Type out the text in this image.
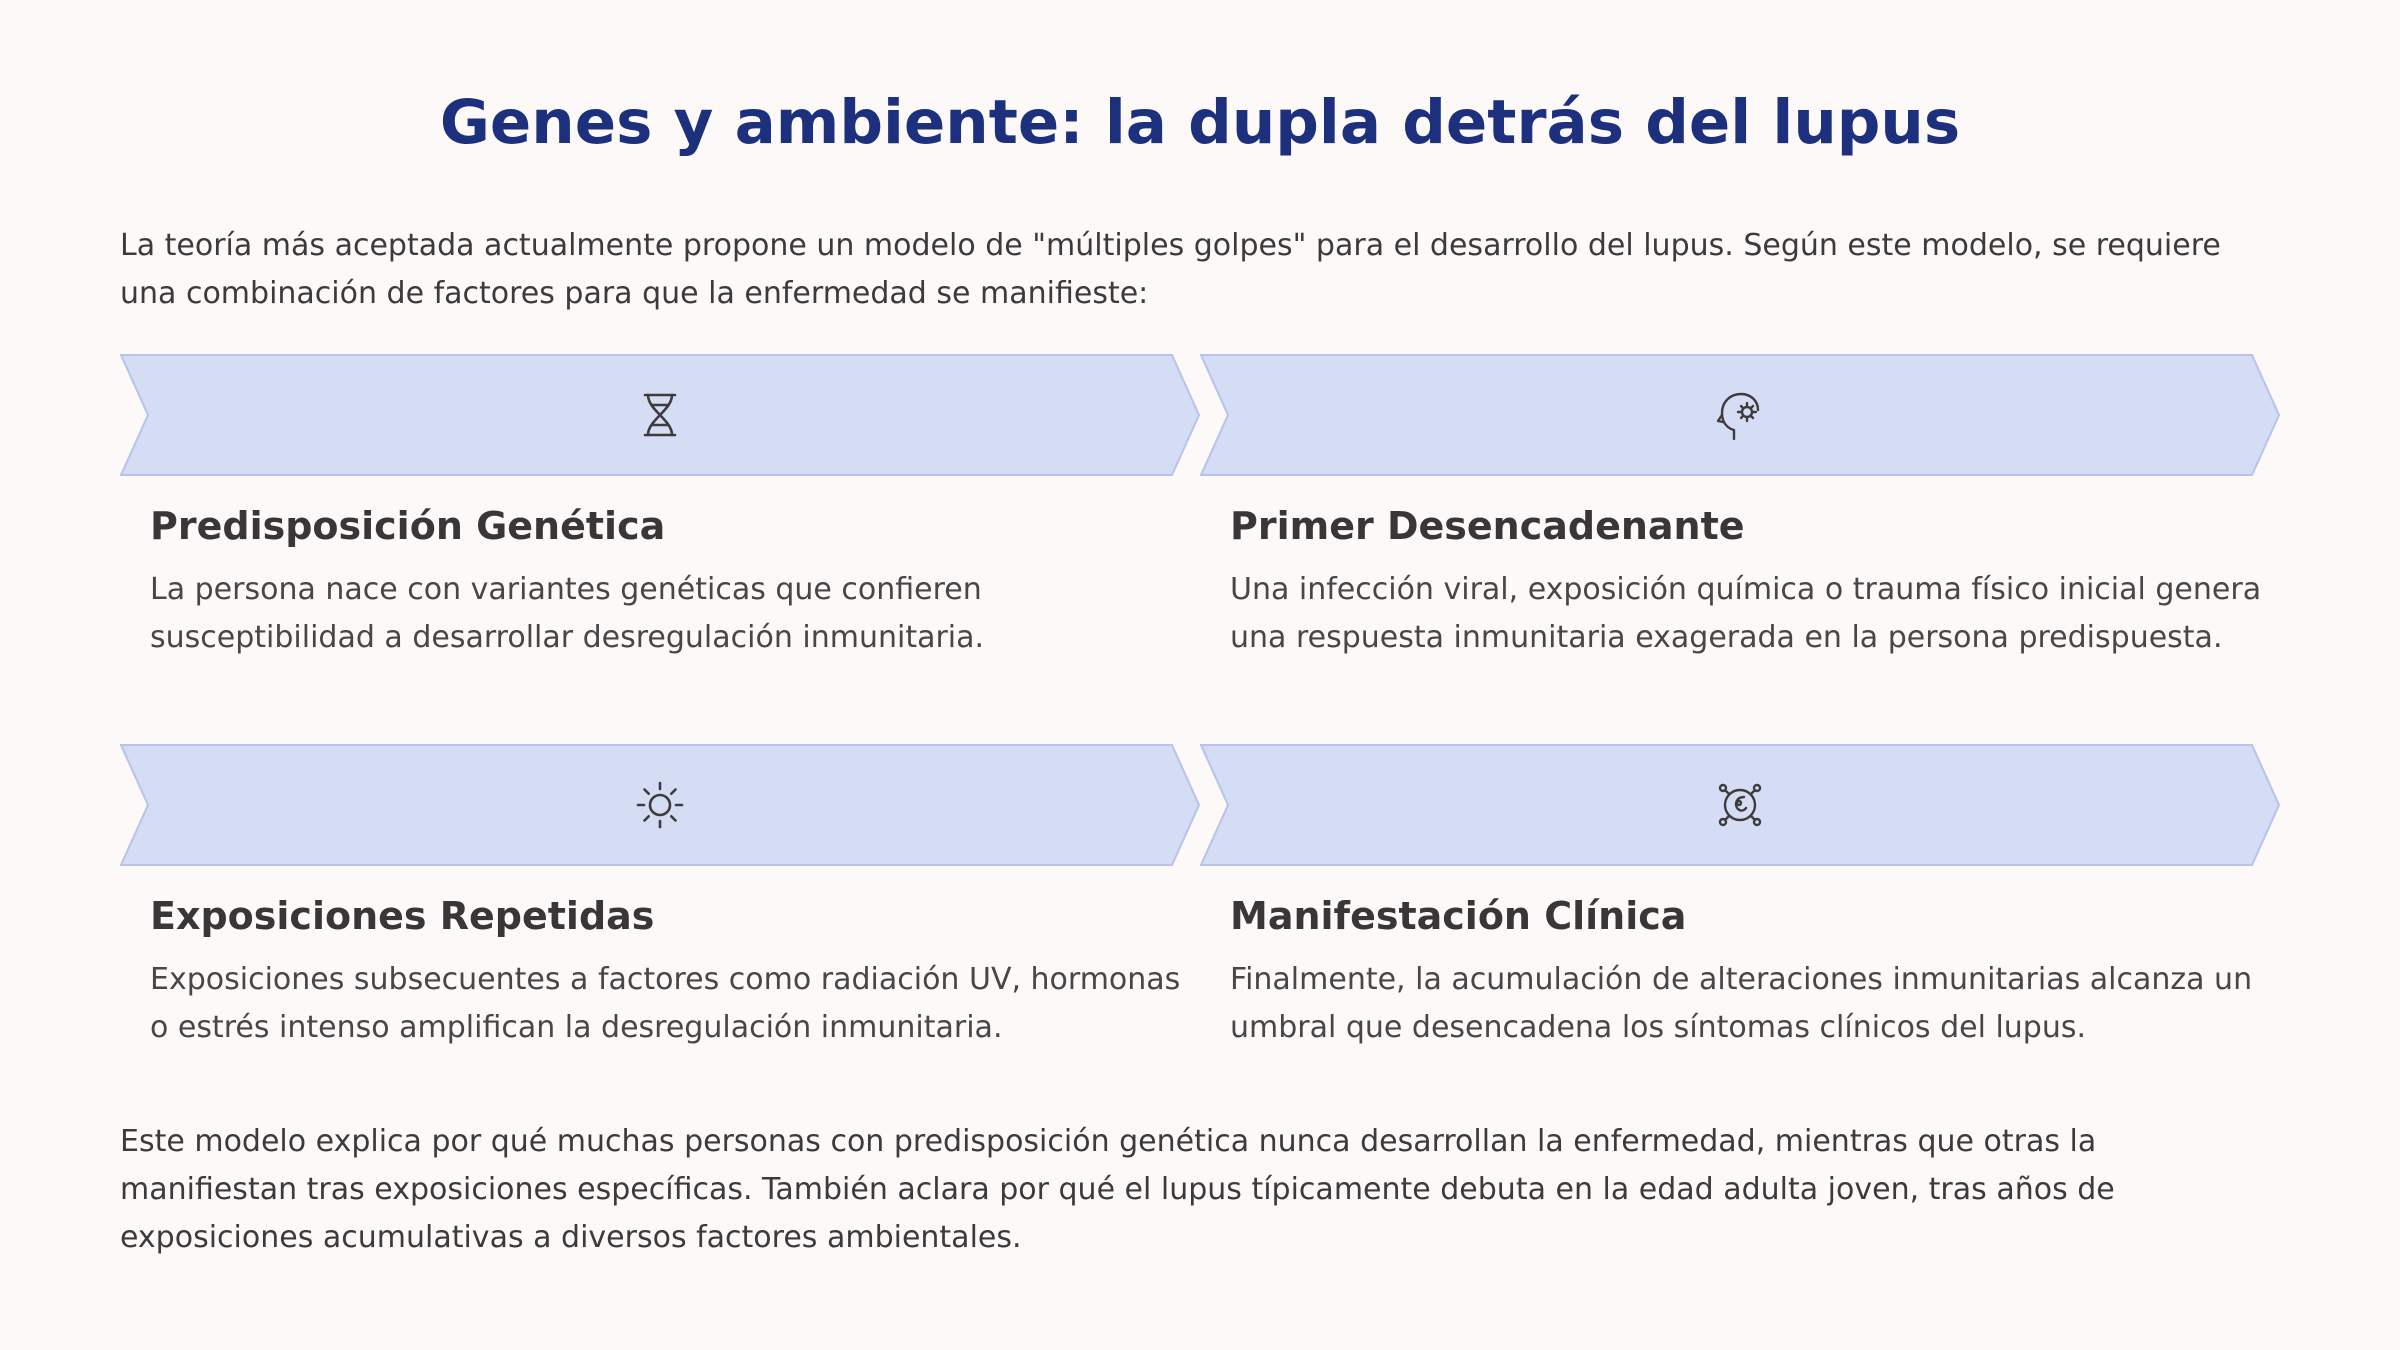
Genes y ambiente: la dupla detrás del lupus

La teoría más aceptada actualmente propone un modelo de "múltiples golpes" para el desarrollo del lupus. Según este modelo, se requiere una combinación de factores para que la enfermedad se manifieste:

Predisposición Genética

La persona nace con variantes genéticas que confieren susceptibilidad a desarrollar desregulación inmunitaria.

Primer Desencadenante

Una infección viral, exposición química o trauma físico inicial genera una respuesta inmunitaria exagerada en la persona predispuesta.

Exposiciones Repetidas

Exposiciones subsecuentes a factores como radiación UV, hormonas o estrés intenso amplifican la desregulación inmunitaria.

Manifestación Clínica

Finalmente, la acumulación de alteraciones inmunitarias alcanza un umbral que desencadena los síntomas clínicos del lupus.

Este modelo explica por qué muchas personas con predisposición genética nunca desarrollan la enfermedad, mientras que otras la manifiestan tras exposiciones específicas. También aclara por qué el lupus típicamente debuta en la edad adulta joven, tras años de exposiciones acumulativas a diversos factores ambientales.
